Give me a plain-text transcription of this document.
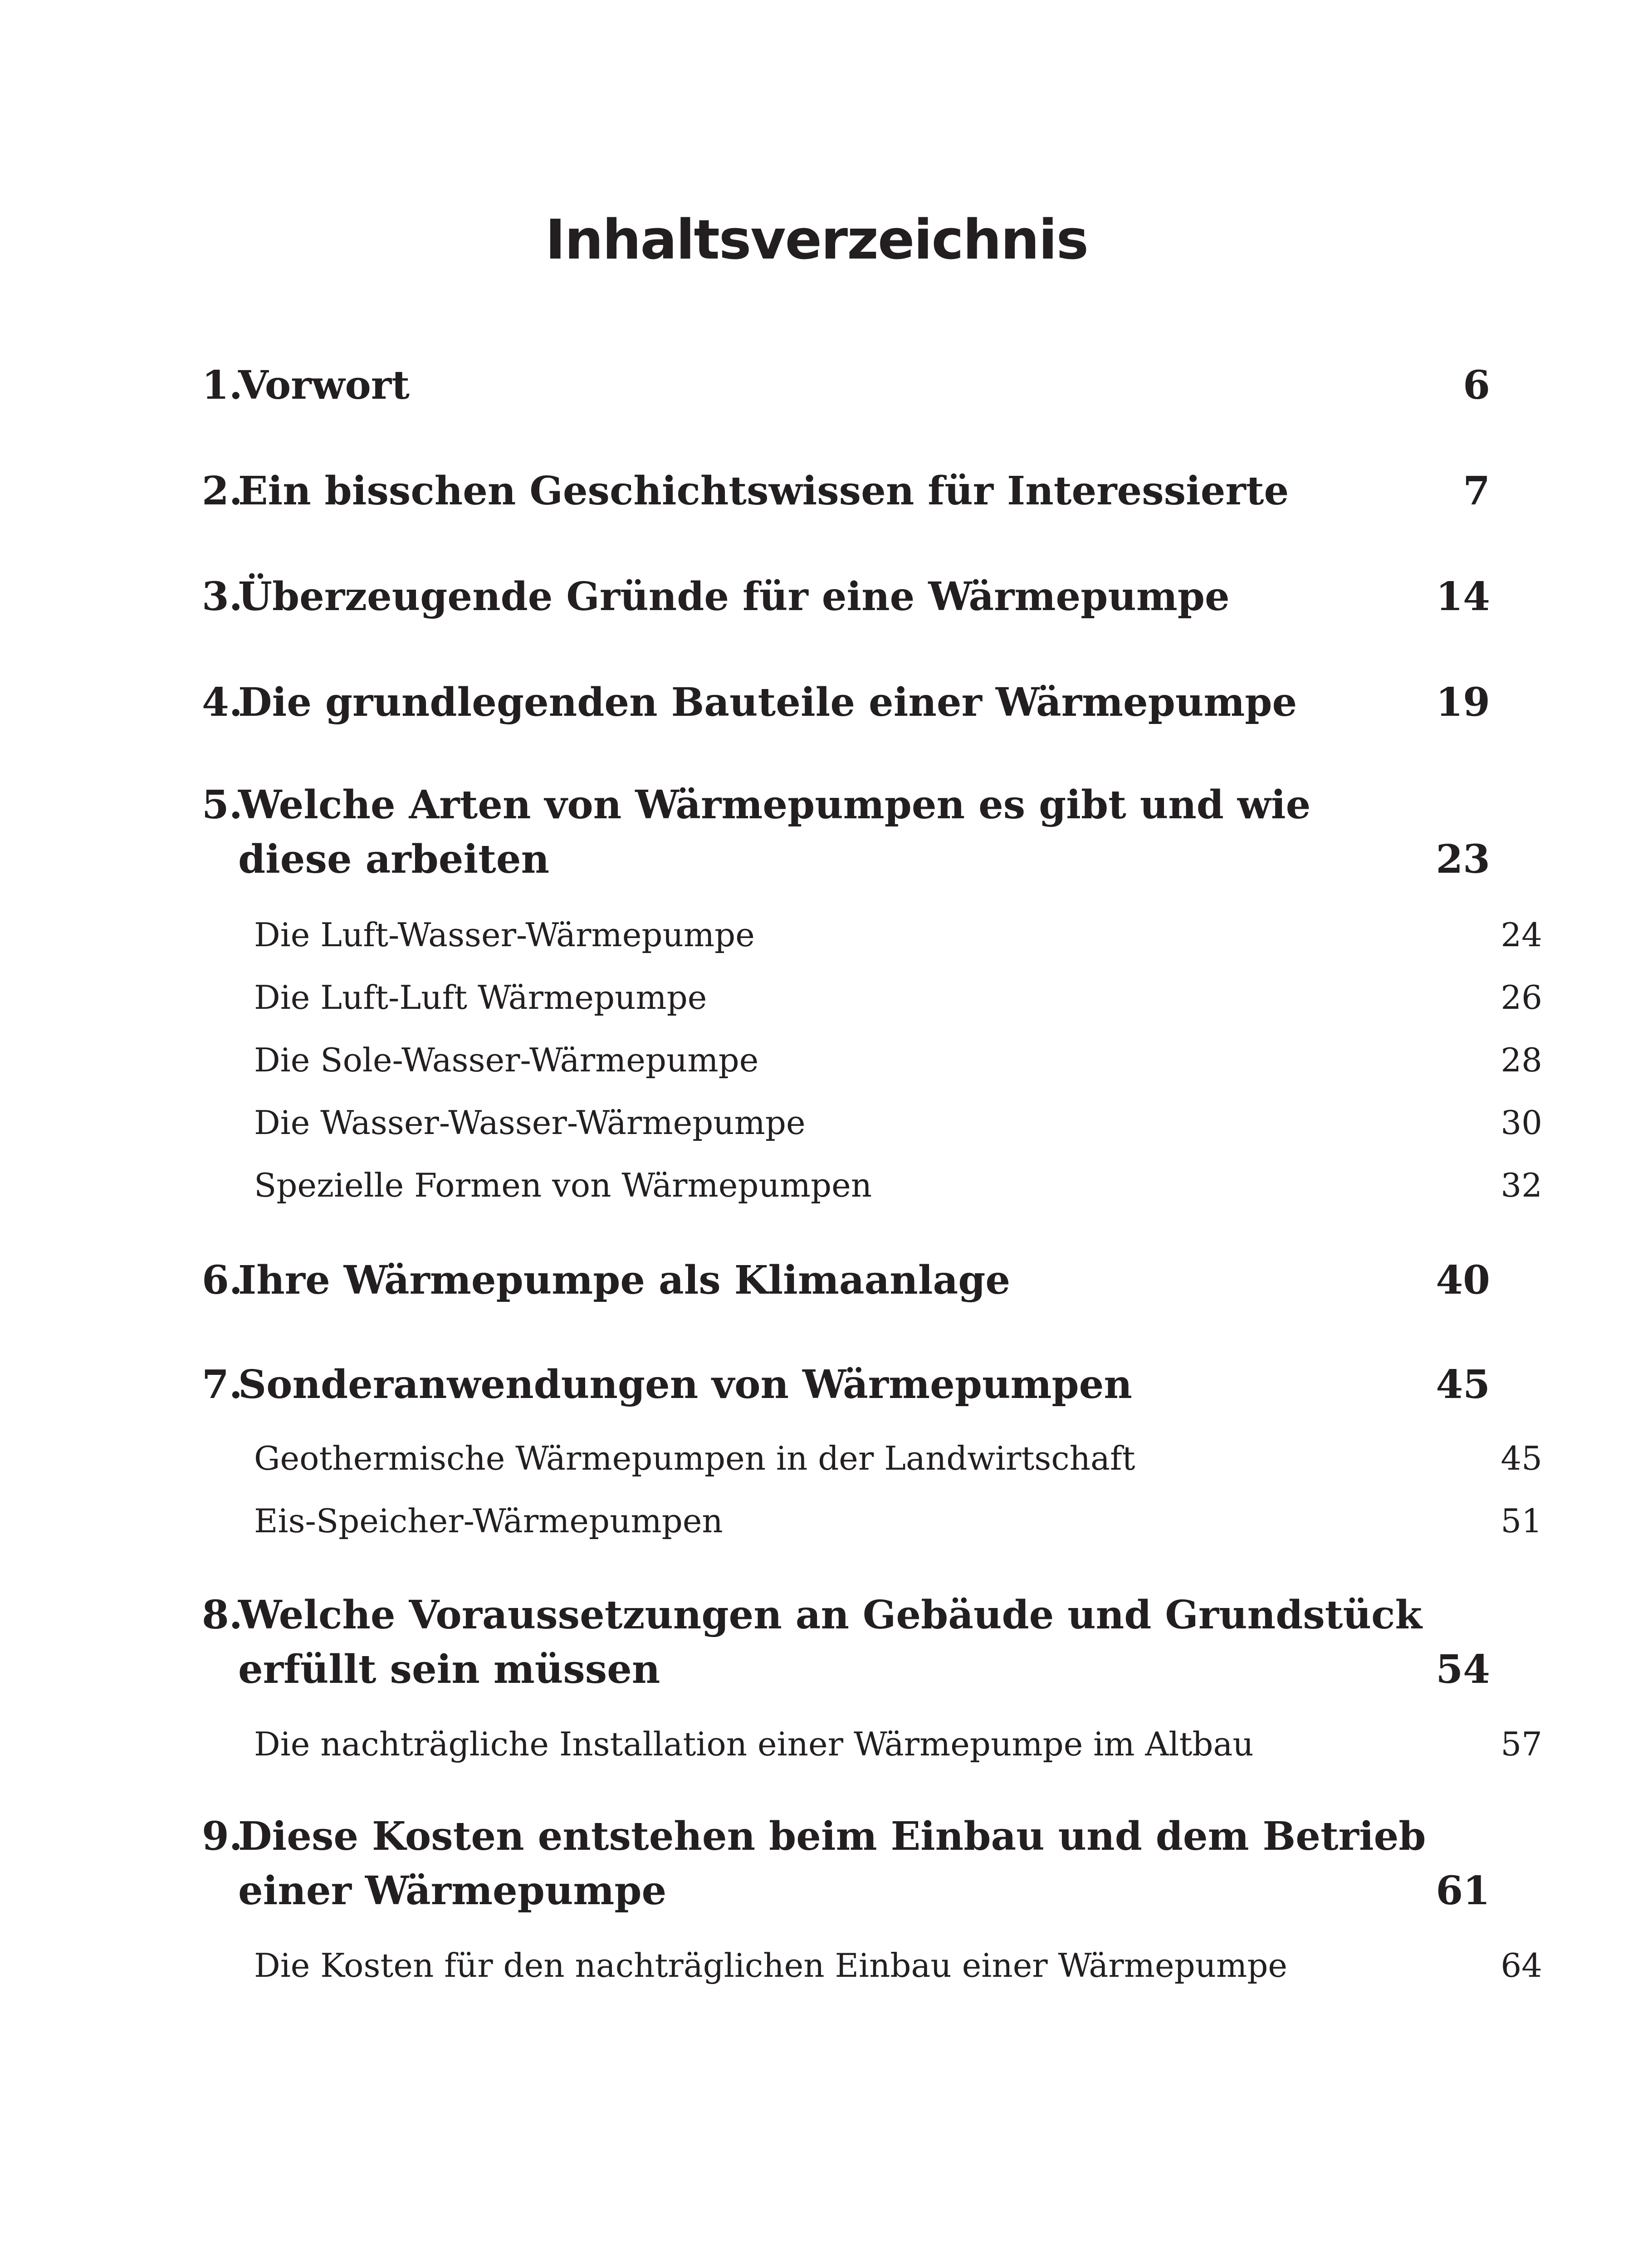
Inhaltsverzeichnis
1.Vorwort	6
2.Ein bisschen Geschichtswissen für Interessierte	7
3.Überzeugende Gründe für eine Wärmepumpe	14
4.Die grundlegenden Bauteile einer Wärmepumpe	19
5.Welche Arten von Wärmepumpen es gibt und wie
diese arbeiten	23
Die Luft-Wasser-Wärmepumpe	24
Die Luft-Luft Wärmepumpe	26
Die Sole-Wasser-Wärmepumpe	28
Die Wasser-Wasser-Wärmepumpe	30
Spezielle Formen von Wärmepumpen	32
6.Ihre Wärmepumpe als Klimaanlage	40
7.Sonderanwendungen von Wärmepumpen	45
Geothermische Wärmepumpen in der Landwirtschaft	45
Eis-Speicher-Wärmepumpen	51
8.Welche Voraussetzungen an Gebäude und Grundstück
erfüllt sein müssen	54
Die nachträgliche Installation einer Wärmepumpe im Altbau	57
9.Diese Kosten entstehen beim Einbau und dem Betrieb
einer Wärmepumpe	61
Die Kosten für den nachträglichen Einbau einer Wärmepumpe	64
